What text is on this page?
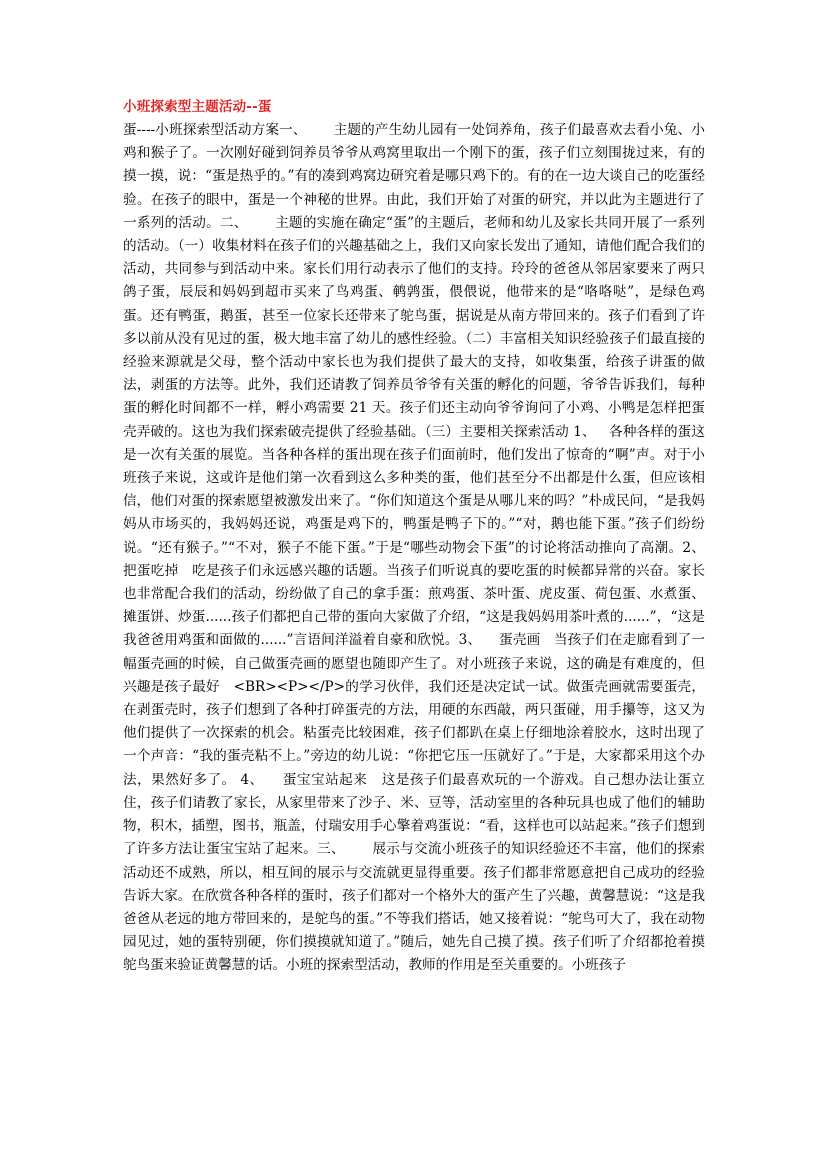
小班探索型主题活动--蛋

蛋----小班探索型活动方案一、      主题的产生幼儿园有一处饲养角，孩子们最喜欢去看小兔、小鸡和猴子了。一次刚好碰到饲养员爷爷从鸡窝里取出一个刚下的蛋，孩子们立刻围拢过来，有的摸一摸，说：“蛋是热乎的。”有的凑到鸡窝边研究着是哪只鸡下的。有的在一边大谈自己的吃蛋经验。在孩子的眼中，蛋是一个神秘的世界。由此，我们开始了对蛋的研究，并以此为主题进行了一系列的活动。二、      主题的实施在确定“蛋”的主题后，老师和幼儿及家长共同开展了一系列的活动。（一）收集材料在孩子们的兴趣基础之上，我们又向家长发出了通知，请他们配合我们的活动，共同参与到活动中来。家长们用行动表示了他们的支持。玲玲的爸爸从邻居家要来了两只鸽子蛋，辰辰和妈妈到超市买来了鸟鸡蛋、鹌鹑蛋，偎偎说，他带来的是“咯咯哒”，是绿色鸡蛋。还有鸭蛋，鹅蛋，甚至一位家长还带来了鸵鸟蛋，据说是从南方带回来的。孩子们看到了许多以前从没有见过的蛋，极大地丰富了幼儿的感性经验。（二）丰富相关知识经验孩子们最直接的经验来源就是父母，整个活动中家长也为我们提供了最大的支持，如收集蛋，给孩子讲蛋的做法，剥蛋的方法等。此外，我们还请教了饲养员爷爷有关蛋的孵化的问题，爷爷告诉我们，每种蛋的孵化时间都不一样，孵小鸡需要 21 天。孩子们还主动向爷爷询问了小鸡、小鸭是怎样把蛋壳弄破的。这也为我们探索破壳提供了经验基础。（三）主要相关探索活动 1、   各种各样的蛋这是一次有关蛋的展览。当各种各样的蛋出现在孩子们面前时，他们发出了惊奇的“啊”声。对于小班孩子来说，这或许是他们第一次看到这么多种类的蛋，他们甚至分不出都是什么蛋，但应该相信，他们对蛋的探索愿望被激发出来了。“你们知道这个蛋是从哪儿来的吗？”朴成民问，“是我妈妈从市场买的，我妈妈还说，鸡蛋是鸡下的，鸭蛋是鸭子下的。”“对，鹅也能下蛋。”孩子们纷纷说。“还有猴子。”“不对，猴子不能下蛋。”于是“哪些动物会下蛋”的讨论将活动推向了高潮。2、    把蛋吃掉   吃是孩子们永远感兴趣的话题。当孩子们听说真的要吃蛋的时候都异常的兴奋。家长也非常配合我们的活动，纷纷做了自己的拿手蛋：煎鸡蛋、茶叶蛋、虎皮蛋、荷包蛋、水煮蛋、摊蛋饼、炒蛋......孩子们都把自己带的蛋向大家做了介绍，“这是我妈妈用茶叶煮的......”，“这是我爸爸用鸡蛋和面做的......”言语间洋溢着自豪和欣悦。3、    蛋壳画   当孩子们在走廊看到了一幅蛋壳画的时候，自己做蛋壳画的愿望也随即产生了。对小班孩子来说，这的确是有难度的，但兴趣是孩子最好   <BR><P></P>的学习伙伴，我们还是决定试一试。做蛋壳画就需要蛋壳，在剥蛋壳时，孩子们想到了各种打碎蛋壳的方法，用硬的东西敲，两只蛋碰，用手攥等，这又为他们提供了一次探索的机会。粘蛋壳比较困难，孩子们都趴在桌上仔细地涂着胶水，这时出现了一个声音：“我的蛋壳粘不上。”旁边的幼儿说：“你把它压一压就好了。”于是，大家都采用这个办法，果然好多了。 4、    蛋宝宝站起来   这是孩子们最喜欢玩的一个游戏。自己想办法让蛋立住，孩子们请教了家长，从家里带来了沙子、米、豆等，活动室里的各种玩具也成了他们的辅助物，积木，插塑，图书，瓶盖，付瑞安用手心擎着鸡蛋说：“看，这样也可以站起来。”孩子们想到了许多方法让蛋宝宝站了起来。三、      展示与交流小班孩子的知识经验还不丰富，他们的探索活动还不成熟，所以，相互间的展示与交流就更显得重要。孩子们都非常愿意把自己成功的经验告诉大家。在欣赏各种各样的蛋时，孩子们都对一个格外大的蛋产生了兴趣，黄馨慧说：“这是我爸爸从老远的地方带回来的，是鸵鸟的蛋。”不等我们搭话，她又接着说：“鸵鸟可大了，我在动物园见过，她的蛋特别硬，你们摸摸就知道了。”随后，她先自己摸了摸。孩子们听了介绍都抢着摸鸵鸟蛋来验证黄馨慧的话。小班的探索型活动，教师的作用是至关重要的。小班孩子
